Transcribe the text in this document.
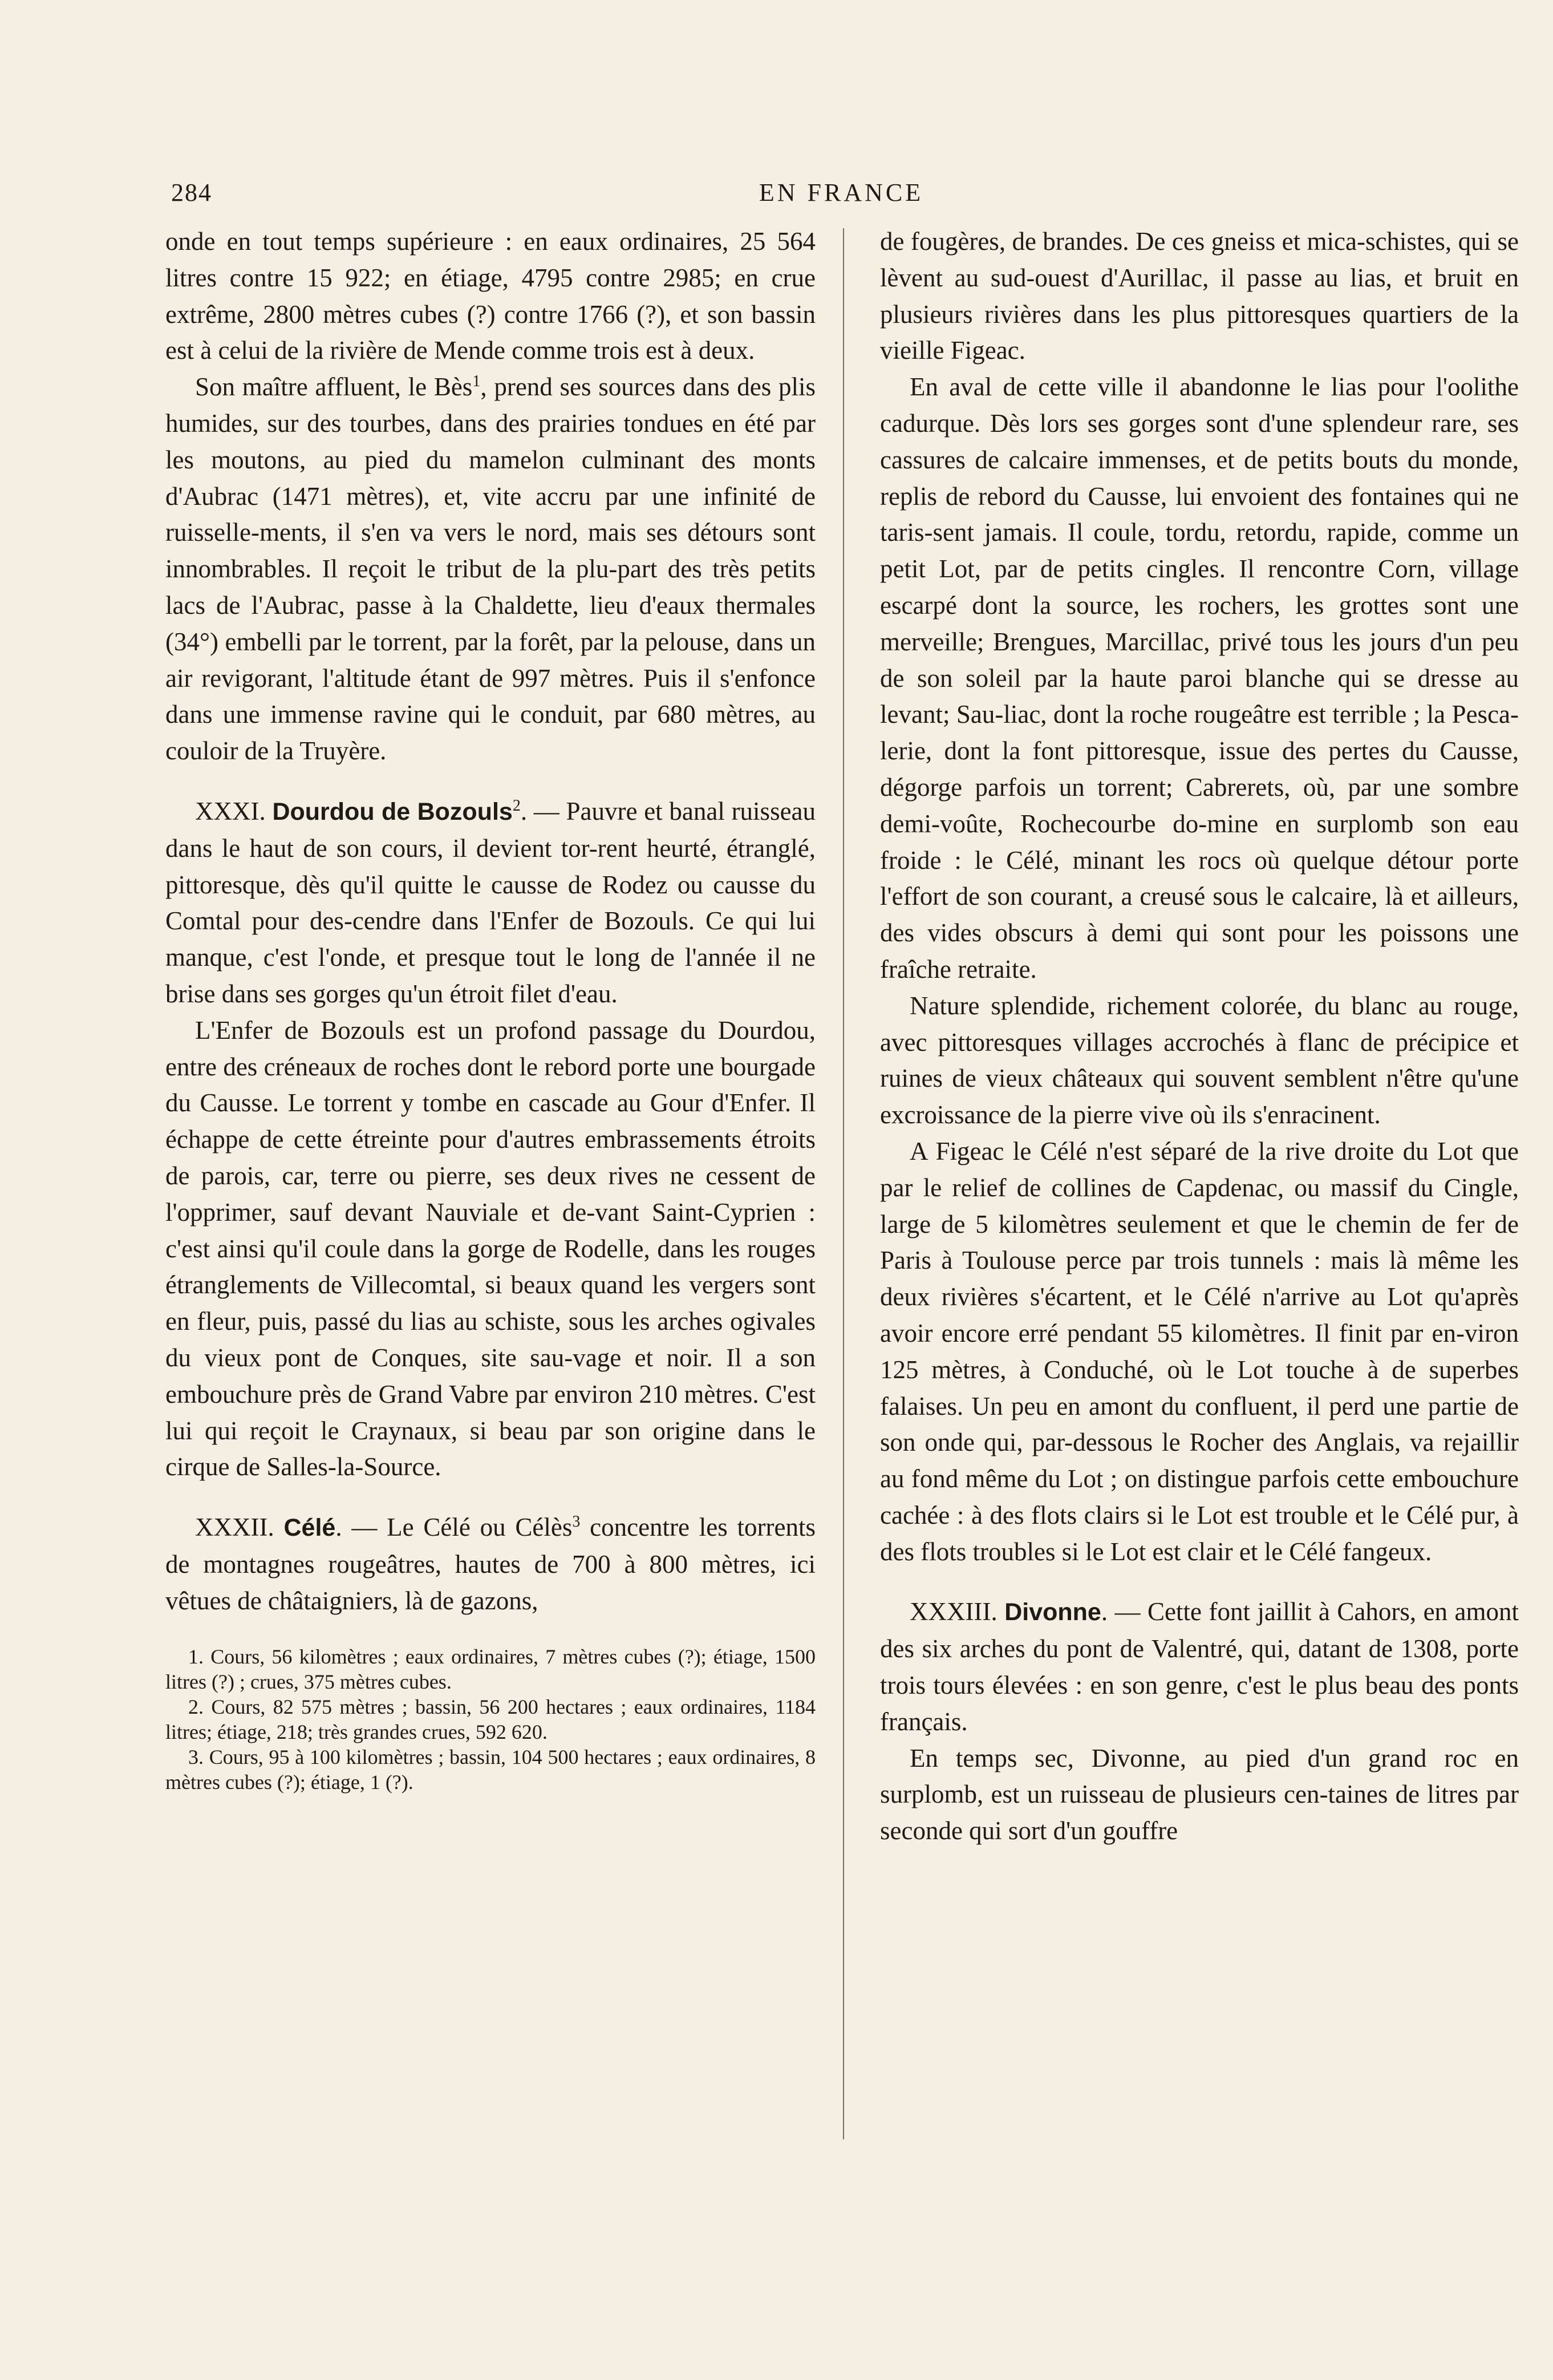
284	EN FRANCE

onde en tout temps supérieure : en eaux ordinaires, 25 564 litres contre 15 922; en étiage, 4795 contre 2985; en crue extrême, 2800 mètres cubes (?) contre 1766 (?), et son bassin est à celui de la rivière de Mende comme trois est à deux.

Son maître affluent, le Bès$^1$, prend ses sources dans des plis humides, sur des tourbes, dans des prairies tondues en été par les moutons, au pied du mamelon culminant des monts d'Aubrac (1471 mètres), et, vite accru par une infinité de ruisselle-ments, il s'en va vers le nord, mais ses détours sont innombrables. Il reçoit le tribut de la plu-part des très petits lacs de l'Aubrac, passe à la Chaldette, lieu d'eaux thermales (34°) embelli par le torrent, par la forêt, par la pelouse, dans un air revigorant, l'altitude étant de 997 mètres. Puis il s'enfonce dans une immense ravine qui le conduit, par 680 mètres, au couloir de la Truyère.

XXXI. Dourdou de Bozouls$^2$. — Pauvre et banal ruisseau dans le haut de son cours, il devient tor-rent heurté, étranglé, pittoresque, dès qu'il quitte le causse de Rodez ou causse du Comtal pour des-cendre dans l'Enfer de Bozouls. Ce qui lui manque, c'est l'onde, et presque tout le long de l'année il ne brise dans ses gorges qu'un étroit filet d'eau.

L'Enfer de Bozouls est un profond passage du Dourdou, entre des créneaux de roches dont le rebord porte une bourgade du Causse. Le torrent y tombe en cascade au Gour d'Enfer. Il échappe de cette étreinte pour d'autres embrassements étroits de parois, car, terre ou pierre, ses deux rives ne cessent de l'opprimer, sauf devant Nauviale et de-vant Saint-Cyprien : c'est ainsi qu'il coule dans la gorge de Rodelle, dans les rouges étranglements de Villecomtal, si beaux quand les vergers sont en fleur, puis, passé du lias au schiste, sous les arches ogivales du vieux pont de Conques, site sau-vage et noir. Il a son embouchure près de Grand Vabre par environ 210 mètres. C'est lui qui reçoit le Craynaux, si beau par son origine dans le cirque de Salles-la-Source.

XXXII. Célé. — Le Célé ou Célès$^3$ concentre les torrents de montagnes rougeâtres, hautes de 700 à 800 mètres, ici vêtues de châtaigniers, là de gazons,

1. Cours, 56 kilomètres ; eaux ordinaires, 7 mètres cubes (?); étiage, 1500 litres (?) ; crues, 375 mètres cubes.

2. Cours, 82 575 mètres ; bassin, 56 200 hectares ; eaux ordinaires, 1184 litres; étiage, 218; très grandes crues, 592 620.

3. Cours, 95 à 100 kilomètres ; bassin, 104 500 hectares ; eaux ordinaires, 8 mètres cubes (?); étiage, 1 (?).

de fougères, de brandes. De ces gneiss et mica-schistes, qui se lèvent au sud-ouest d'Aurillac, il passe au lias, et bruit en plusieurs rivières dans les plus pittoresques quartiers de la vieille Figeac.

En aval de cette ville il abandonne le lias pour l'oolithe cadurque. Dès lors ses gorges sont d'une splendeur rare, ses cassures de calcaire immenses, et de petits bouts du monde, replis de rebord du Causse, lui envoient des fontaines qui ne taris-sent jamais. Il coule, tordu, retordu, rapide, comme un petit Lot, par de petits cingles. Il rencontre Corn, village escarpé dont la source, les rochers, les grottes sont une merveille; Brengues, Marcillac, privé tous les jours d'un peu de son soleil par la haute paroi blanche qui se dresse au levant; Sau-liac, dont la roche rougeâtre est terrible ; la Pesca-lerie, dont la font pittoresque, issue des pertes du Causse, dégorge parfois un torrent; Cabrerets, où, par une sombre demi-voûte, Rochecourbe do-mine en surplomb son eau froide : le Célé, minant les rocs où quelque détour porte l'effort de son courant, a creusé sous le calcaire, là et ailleurs, des vides obscurs à demi qui sont pour les poissons une fraîche retraite.

Nature splendide, richement colorée, du blanc au rouge, avec pittoresques villages accrochés à flanc de précipice et ruines de vieux châteaux qui souvent semblent n'être qu'une excroissance de la pierre vive où ils s'enracinent.

A Figeac le Célé n'est séparé de la rive droite du Lot que par le relief de collines de Capdenac, ou massif du Cingle, large de 5 kilomètres seulement et que le chemin de fer de Paris à Toulouse perce par trois tunnels : mais là même les deux rivières s'écartent, et le Célé n'arrive au Lot qu'après avoir encore erré pendant 55 kilomètres. Il finit par en-viron 125 mètres, à Conduché, où le Lot touche à de superbes falaises. Un peu en amont du confluent, il perd une partie de son onde qui, par-dessous le Rocher des Anglais, va rejaillir au fond même du Lot ; on distingue parfois cette embouchure cachée : à des flots clairs si le Lot est trouble et le Célé pur, à des flots troubles si le Lot est clair et le Célé fangeux.

XXXIII. Divonne. — Cette font jaillit à Cahors, en amont des six arches du pont de Valentré, qui, datant de 1308, porte trois tours élevées : en son genre, c'est le plus beau des ponts français.

En temps sec, Divonne, au pied d'un grand roc en surplomb, est un ruisseau de plusieurs cen-taines de litres par seconde qui sort d'un gouffre
